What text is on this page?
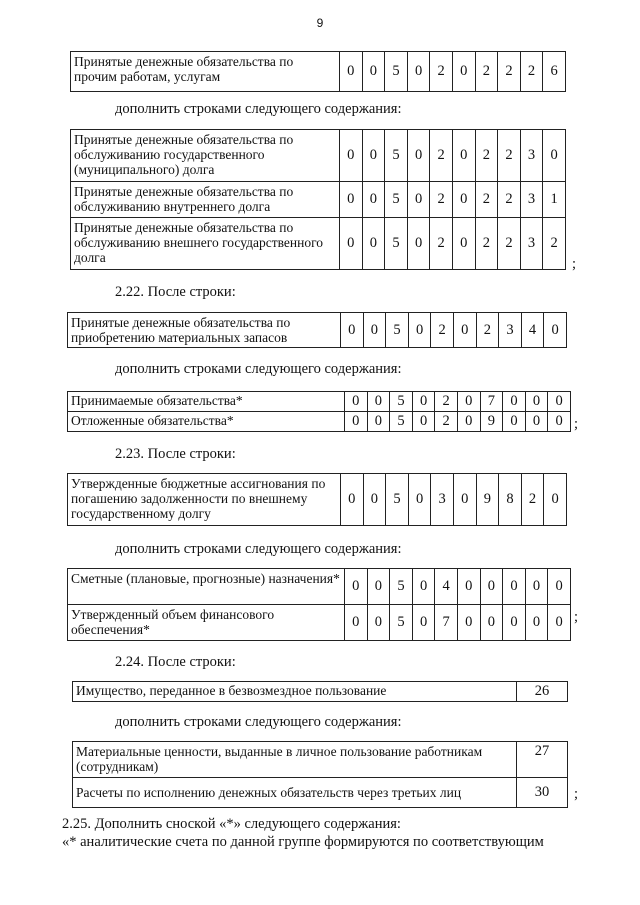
9
Принятые денежные обязательства по прочим работам, услугам	0	0	5	0	2	0	2	2	2	6
дополнить строками следующего содержания:
Принятые денежные обязательства по обслуживанию государственного (муниципального) долга	0	0	5	0	2	0	2	2	3	0
Принятые денежные обязательства по обслуживанию внутреннего долга	0	0	5	0	2	0	2	2	3	1
Принятые денежные обязательства по обслуживанию внешнего государственного долга	0	0	5	0	2	0	2	2	3	2
;
2.22. После строки:
Принятые денежные обязательства по приобретению материальных запасов	0	0	5	0	2	0	2	3	4	0
дополнить строками следующего содержания:
Принимаемые обязательства*	0	0	5	0	2	0	7	0	0	0
Отложенные обязательства*	0	0	5	0	2	0	9	0	0	0 ;
2.23. После строки:
Утвержденные бюджетные ассигнования по погашению задолженности по внешнему государственному долгу	0	0	5	0	3	0	9	8	2	0
дополнить строками следующего содержания:
Сметные (плановые, прогнозные) назначения*	0	0	5	0	4	0	0	0	0	0
Утвержденный объем финансового обеспечения*	0	0	5	0	7	0	0	0	0	0 ;
2.24. После строки:
Имущество, переданное в безвозмездное пользование	26
дополнить строками следующего содержания:
Материальные ценности, выданные в личное пользование работникам (сотрудникам)	27
Расчеты по исполнению денежных обязательств через третьих лиц	30 ;
2.25. Дополнить сноской «*» следующего содержания:
«* аналитические счета по данной группе формируются по соответствующим
